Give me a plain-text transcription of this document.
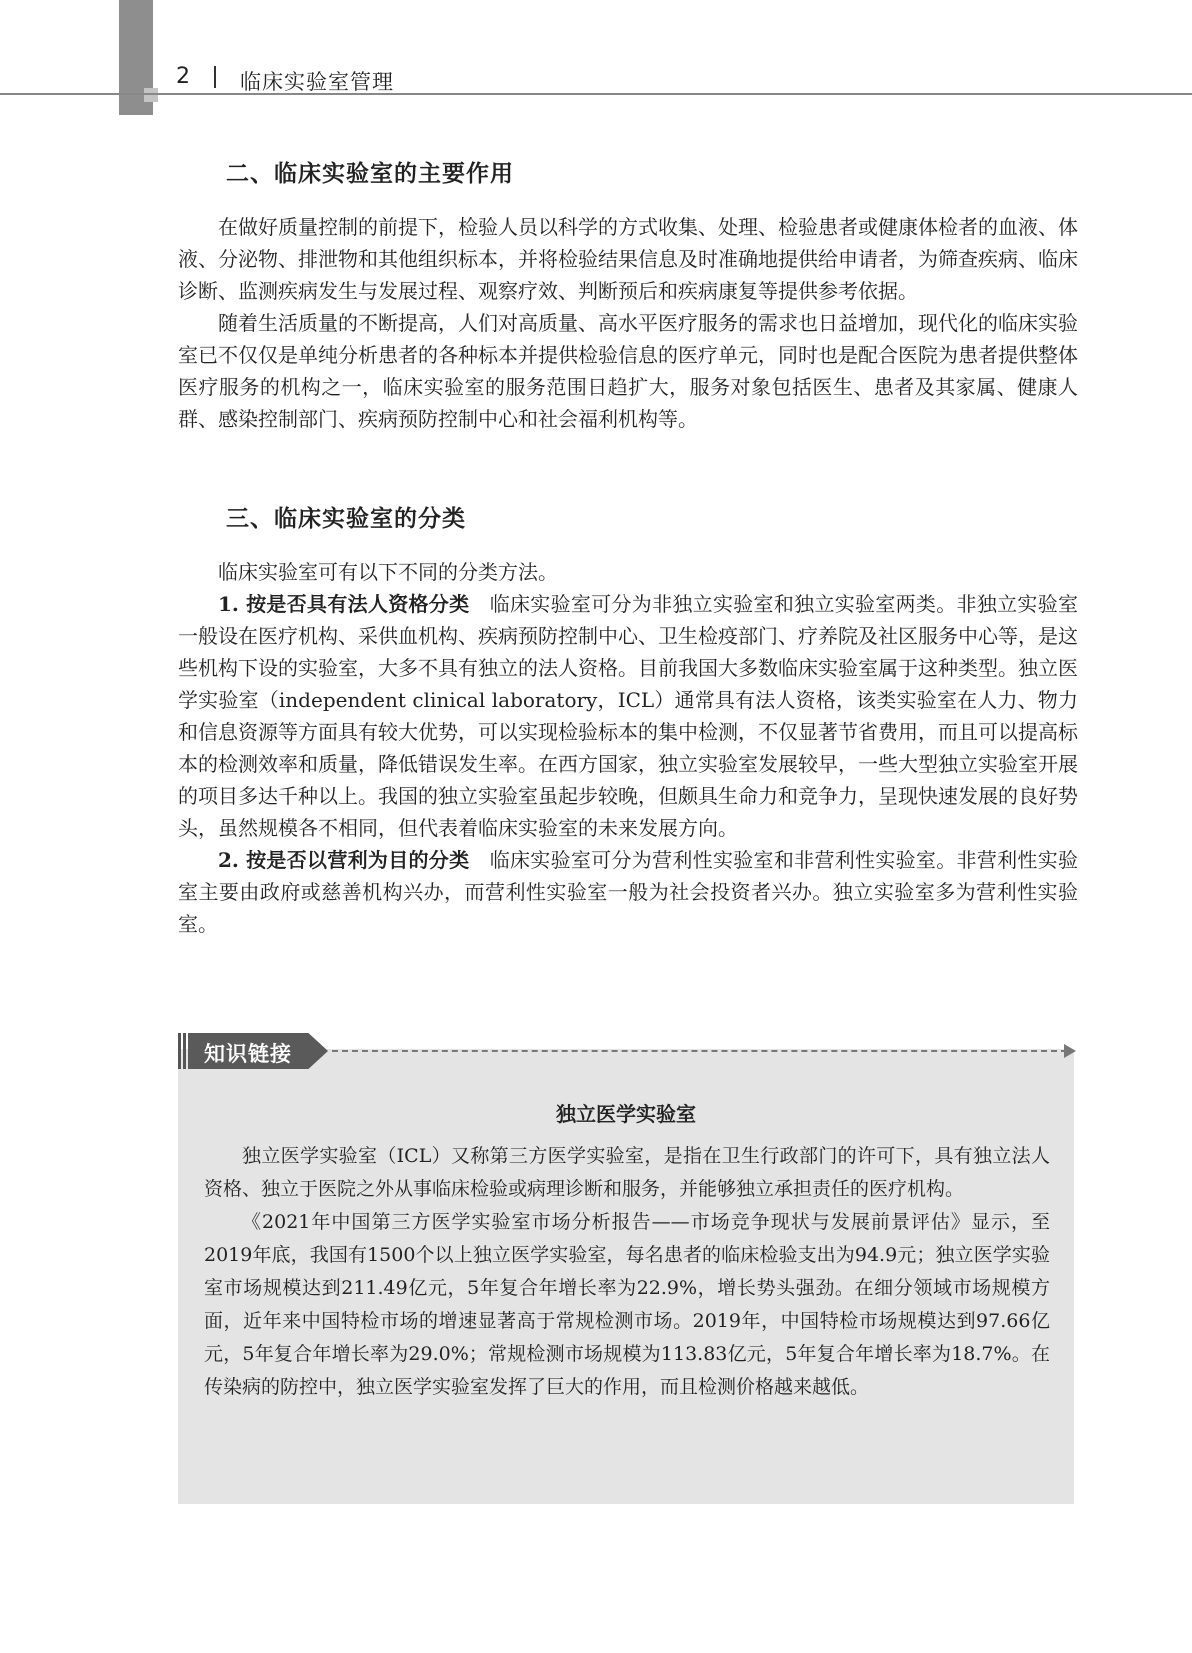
2 临床实验室管理
二、临床实验室的主要作用

在做好质量控制的前提下，检验人员以科学的方式收集、处理、检验患者或健康体检者的血液、体液、分泌物、排泄物和其他组织标本，并将检验结果信息及时准确地提供给申请者，为筛查疾病、临床诊断、监测疾病发生与发展过程、观察疗效、判断预后和疾病康复等提供参考依据。

随着生活质量的不断提高，人们对高质量、高水平医疗服务的需求也日益增加，现代化的临床实验室已不仅仅是单纯分析患者的各种标本并提供检验信息的医疗单元，同时也是配合医院为患者提供整体医疗服务的机构之一，临床实验室的服务范围日趋扩大，服务对象包括医生、患者及其家属、健康人群、感染控制部门、疾病预防控制中心和社会福利机构等。

三、临床实验室的分类

临床实验室可有以下不同的分类方法。

1. 按是否具有法人资格分类　 临床实验室可分为非独立实验室和独立实验室两类。非独立实验室一般设在医疗机构、采供血机构、疾病预防控制中心、卫生检疫部门、疗养院及社区服务中心等，是这些机构下设的实验室，大多不具有独立的法人资格。目前我国大多数临床实验室属于这种类型。独立医学实验室（independent clinical laboratory，ICL）通常具有法人资格，该类实验室在人力、物力和信息资源等方面具有较大优势，可以实现检验标本的集中检测，不仅显著节省费用，而且可以提高标本的检测效率和质量，降低错误发生率。在西方国家，独立实验室发展较早，一些大型独立实验室开展的项目多达千种以上。我国的独立实验室虽起步较晚，但颇具生命力和竞争力，呈现快速发展的良好势头，虽然规模各不相同，但代表着临床实验室的未来发展方向。

2. 按是否以营利为目的分类　 临床实验室可分为营利性实验室和非营利性实验室。非营利性实验室主要由政府或慈善机构兴办，而营利性实验室一般为社会投资者兴办。独立实验室多为营利性实验室。

知识链接
独立医学实验室

独立医学实验室（ICL）又称第三方医学实验室，是指在卫生行政部门的许可下，具有独立法人资格、独立于医院之外从事临床检验或病理诊断和服务，并能够独立承担责任的医疗机构。

《2021年中国第三方医学实验室市场分析报告——市场竞争现状与发展前景评估》显示，至2019年底，我国有1500个以上独立医学实验室，每名患者的临床检验支出为94.9元；独立医学实验室市场规模达到211.49亿元，5年复合年增长率为22.9%，增长势头强劲。在细分领域市场规模方面，近年来中国特检市场的增速显著高于常规检测市场。2019年，中国特检市场规模达到97.66亿元，5年复合年增长率为29.0%；常规检测市场规模为113.83亿元，5年复合年增长率为18.7%。在传染病的防控中，独立医学实验室发挥了巨大的作用，而且检测价格越来越低。
